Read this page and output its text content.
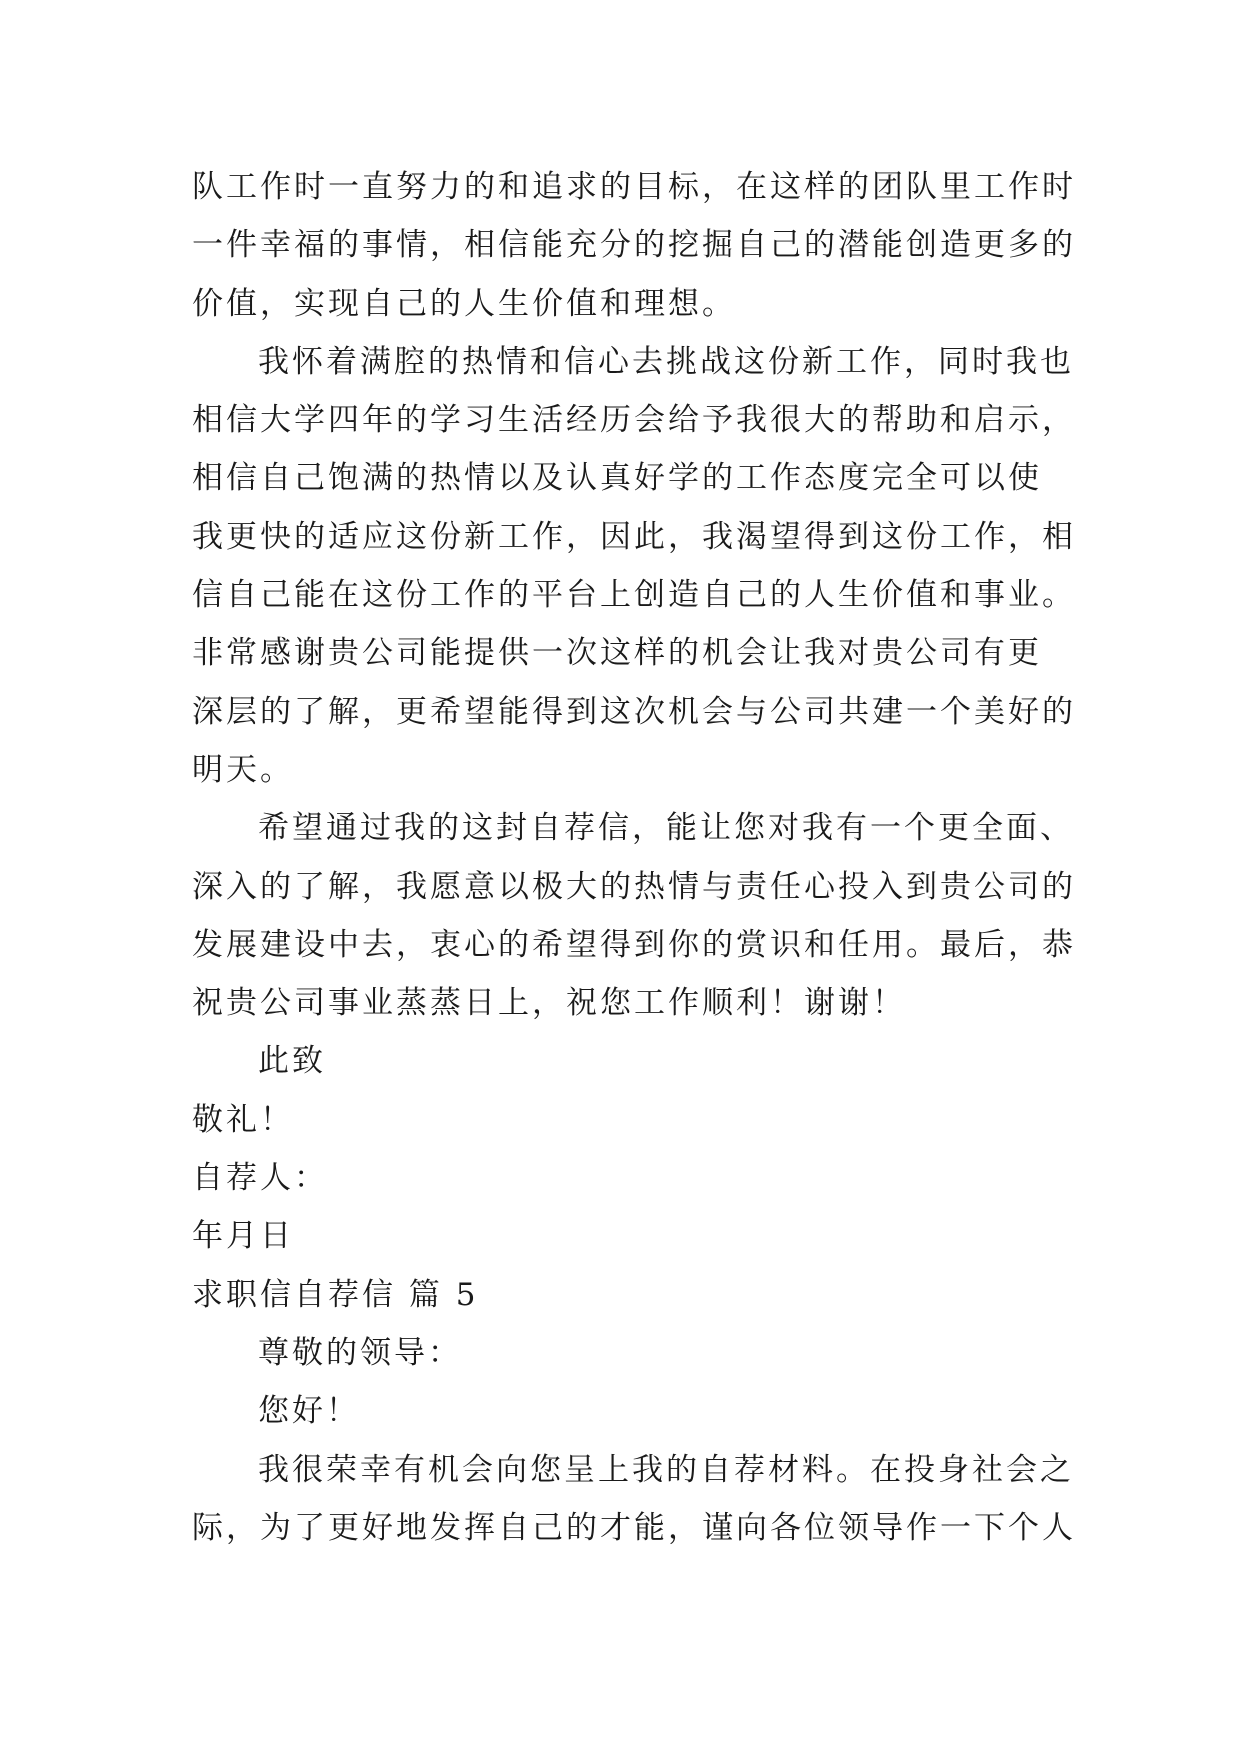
队工作时一直努力的和追求的目标，在这样的团队里工作时
一件幸福的事情，相信能充分的挖掘自己的潜能创造更多的
价值，实现自己的人生价值和理想。
我怀着满腔的热情和信心去挑战这份新工作，同时我也
相信大学四年的学习生活经历会给予我很大的帮助和启示，
相信自己饱满的热情以及认真好学的工作态度完全可以使
我更快的适应这份新工作，因此，我渴望得到这份工作，相
信自己能在这份工作的平台上创造自己的人生价值和事业。
非常感谢贵公司能提供一次这样的机会让我对贵公司有更
深层的了解，更希望能得到这次机会与公司共建一个美好的
明天。
希望通过我的这封自荐信，能让您对我有一个更全面、
深入的了解，我愿意以极大的热情与责任心投入到贵公司的
发展建设中去，衷心的希望得到你的赏识和任用。最后，恭
祝贵公司事业蒸蒸日上，祝您工作顺利！谢谢！
此致
敬礼！
自荐人：
年月日
求职信自荐信 篇 5
尊敬的领导：
您好！
我很荣幸有机会向您呈上我的自荐材料。在投身社会之
际，为了更好地发挥自己的才能，谨向各位领导作一下个人
